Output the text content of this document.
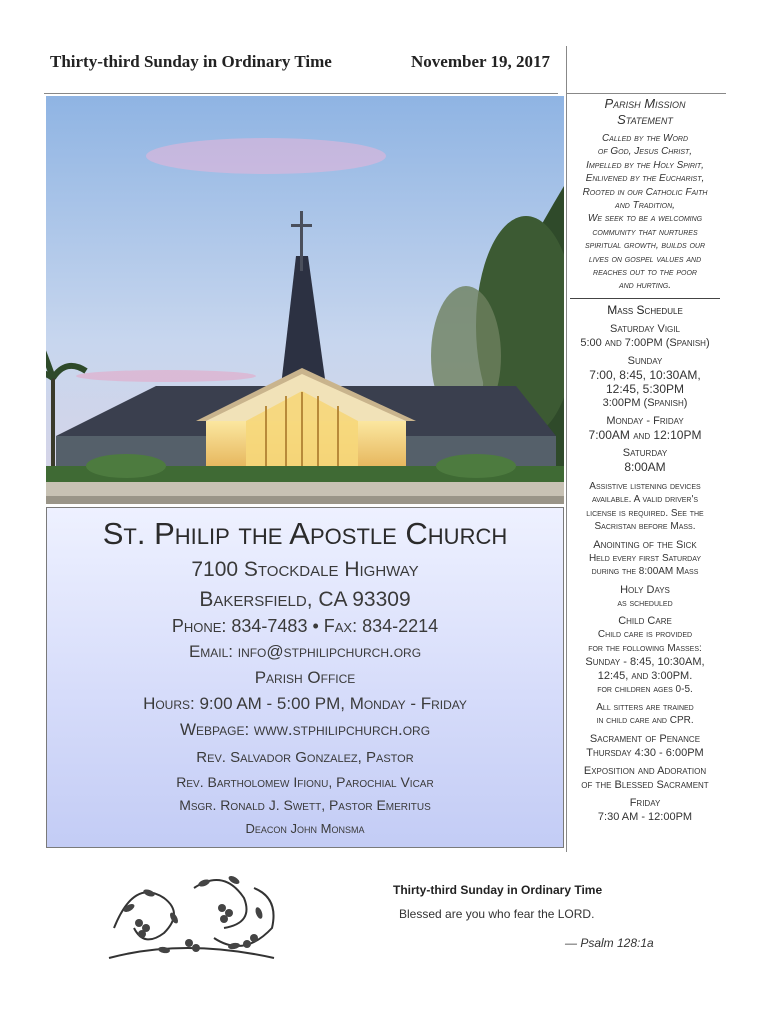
Thirty-third Sunday in Ordinary Time	November 19, 2017
St. Philip the Apostle Church
7100 Stockdale Highway
Bakersfield, CA 93309
Phone: 834-7483 • Fax: 834-2214
Email: info@stphilipchurch.org
Parish Office
Hours: 9:00 AM - 5:00 PM, Monday - Friday
Webpage: www.stphilipchurch.org
Rev. Salvador Gonzalez, Pastor
Rev. Bartholomew Ifionu, Parochial Vicar
Msgr. Ronald J. Swett, Pastor Emeritus
Deacon John Monsma
Parish Mission
Statement
Called by the Word
of God, Jesus Christ,
Impelled by the Holy Spirit,
Enlivened by the Eucharist,
Rooted in our Catholic Faith
and Tradition,
We seek to be a welcoming
community that nurtures
spiritual growth, builds our
lives on gospel values and
reaches out to the poor
and hurting.
Mass Schedule
Saturday Vigil
5:00 and 7:00PM (Spanish)
Sunday
7:00, 8:45, 10:30AM,
12:45, 5:30PM
3:00PM (Spanish)
Monday - Friday
7:00AM and 12:10PM
Saturday
8:00AM
Assistive listening devices
available. A valid driver's
license is required. See the
Sacristan before Mass.
Anointing of the Sick
Held every first Saturday
during the 8:00AM Mass
Holy Days
as scheduled
Child Care
Child care is provided
for the following Masses:
Sunday - 8:45, 10:30AM,
12:45, and 3:00PM.
for children ages 0-5.
All sitters are trained
in child care and CPR.
Sacrament of Penance
Thursday 4:30 - 6:00PM
Exposition and Adoration
of the Blessed Sacrament
Friday
7:30 AM - 12:00PM
Thirty-third Sunday in Ordinary Time
Blessed are you who fear the LORD.
— Psalm 128:1a
